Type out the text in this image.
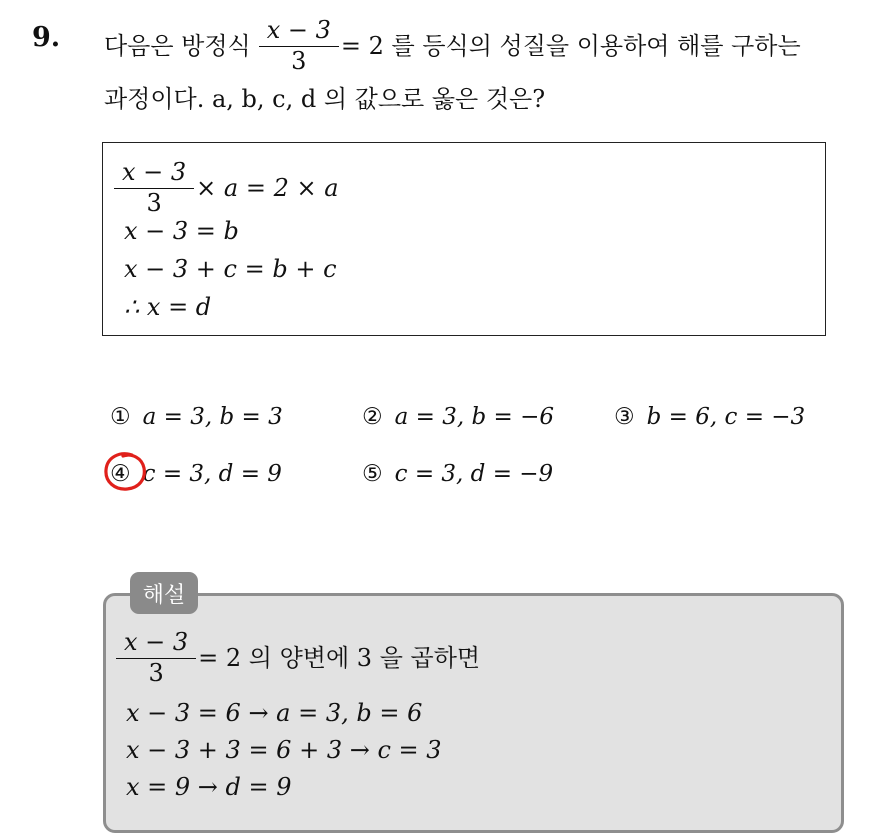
9. 다음은 방정식 $\frac{x - 3}{3} = 2$ 를 등식의 성질을 이용하여 해를 구하는
과정이다. a, b, c, d 의 값으로 옳은 것은?
$\frac{x - 3}{3} \times a = 2 \times a$
x − 3 = b
x − 3 + c = b + c
∴ x = d
① a = 3, b = 3	② a = 3, b = −6	③ b = 6, c = −3
④ c = 3, d = 9	⑤ c = 3, d = −9
해설
$\frac{x - 3}{3} = 2$ 의 양변에 3 을 곱하면
x − 3 = 6 → a = 3, b = 6
x − 3 + 3 = 6 + 3 → c = 3
x = 9 → d = 9
